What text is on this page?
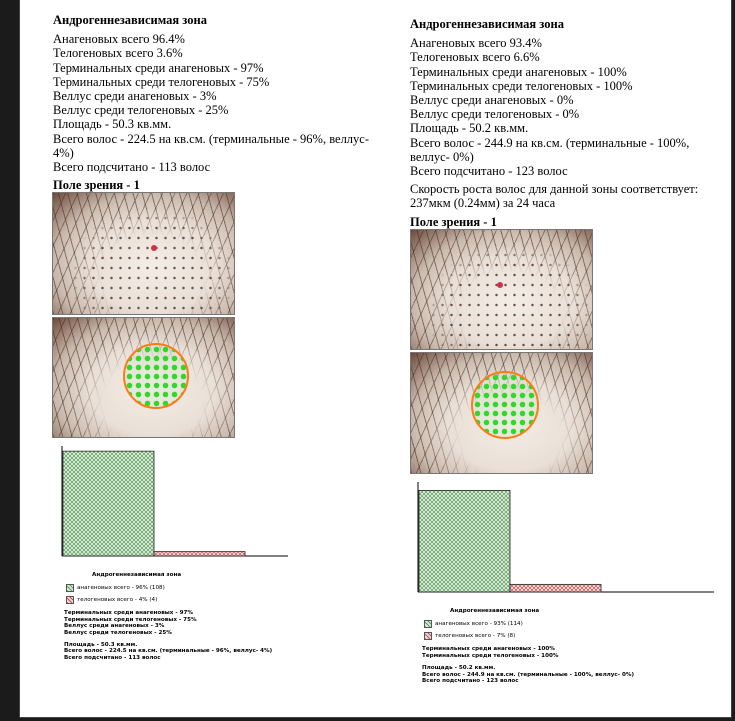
Андрогеннезависимая зона
Анагеновых всего 96.4%
Телогеновых всего 3.6%
Терминальных среди анагеновых - 97%
Терминальных среди телогеновых - 75%
Веллус среди анагеновых - 3%
Веллус среди телогеновых - 25%
Площадь - 50.3 кв.мм.
Всего волос - 224.5 на кв.см. (терминальные - 96%, веллус- 4%)
Всего подсчитано - 113 волос
Поле зрения - 1
Андрогеннезависимая зона
анагеновых всего - 96% (108)
телогеновых всего - 4% (4)
Терминальных среди анагеновых - 97%
Терминальных среди телогеновых - 75%
Веллус среди анагеновых - 3%
Веллус среди телогеновых - 25%
Площадь - 50.3 кв.мм.
Всего волос - 224.5 на кв.см. (терминальные - 96%, веллус- 4%)
Всего подсчитано - 113 волос
Андрогеннезависимая зона
Анагеновых всего 93.4%
Телогеновых всего 6.6%
Терминальных среди анагеновых - 100%
Терминальных среди телогеновых - 100%
Веллус среди анагеновых - 0%
Веллус среди телогеновых - 0%
Площадь - 50.2 кв.мм.
Всего волос - 244.9 на кв.см. (терминальные - 100%, веллус- 0%)
Всего подсчитано - 123 волос
Скорость роста волос для данной зоны соответствует: 237мкм (0.24мм) за 24 часа
Поле зрения - 1
Андрогеннезависимая зона
анагеновых всего - 93% (114)
телогеновых всего - 7% (8)
Терминальных среди анагеновых - 100%
Терминальных среди телогеновых - 100%
Площадь - 50.2 кв.мм.
Всего волос - 244.9 на кв.см. (терминальные - 100%, веллус- 0%)
Всего подсчитано - 123 волос
